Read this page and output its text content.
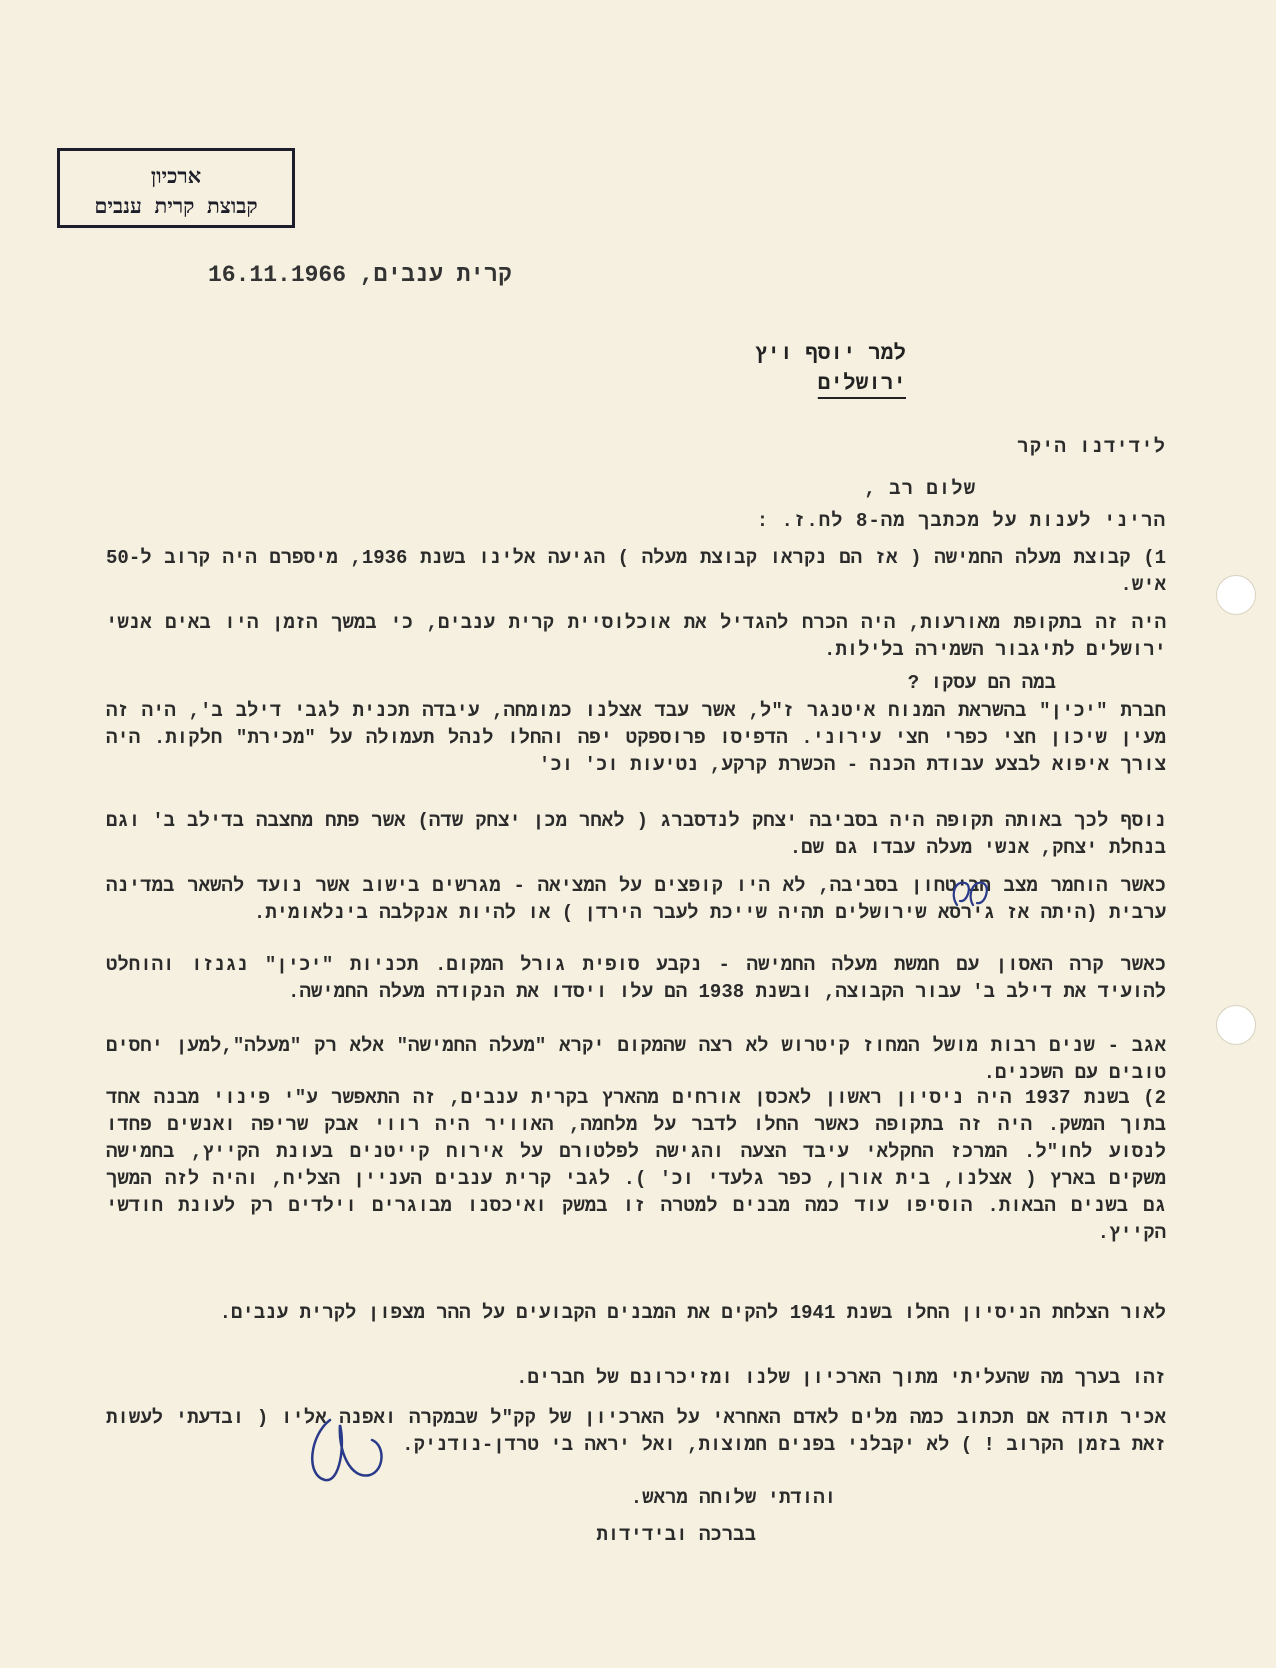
ארכיון
קבוצת קרית ענבים
קרית ענבים, 16.11.1966
למר יוסף ויץ
ירושלים
לידידנו היקר
שלום רב ,
הריני לענות על מכתבך מה-8 לח.ז. :
1) קבוצת מעלה החמישה ( אז הם נקראו קבוצת מעלה ) הגיעה אלינו בשנת 1936, מיספרם היה קרוב ל-50 איש.
היה זה בתקופת מאורעות, היה הכרח להגדיל את אוכלוסיית קרית ענבים, כי במשך הזמן היו באים אנשי ירושלים לתיגבור השמירה בלילות.
במה הם עסקו ?
חברת "יכין" בהשראת המנוח איטנגר ז"ל, אשר עבד אצלנו כמומחה, עיבדה תכנית לגבי דילב ב', היה זה מעין שיכון חצי כפרי חצי עירוני. הדפיסו פרוספקט יפה והחלו לנהל תעמולה על "מכירת" חלקות. היה צורך איפוא לבצע עבודת הכנה - הכשרת קרקע, נטיעות וכ' וכ'
נוסף לכך באותה תקופה היה בסביבה יצחק לנדסברג ( לאחר מכן יצחק שדה) אשר פתח מחצבה בדילב ב' וגם בנחלת יצחק, אנשי מעלה עבדו גם שם.
כאשר הוחמר מצב הביטחון בסביבה, לא היו קופצים על המציאה - מגרשים בישוב אשר נועד להשאר במדינה ערבית (היתה אז גירסא שירושלים תהיה שייכת לעבר הירדן ) או להיות אנקלבה בינלאומית.
כאשר קרה האסון עם חמשת מעלה החמישה - נקבע סופית גורל המקום. תכניות "יכין" נגנזו והוחלט להועיד את דילב ב' עבור הקבוצה, ובשנת 1938 הם עלו ויסדו את הנקודה מעלה החמישה.
אגב - שנים רבות מושל המחוז קיטרוש לא רצה שהמקום יקרא "מעלה החמישה" אלא רק "מעלה",למען יחסים טובים עם השכנים.
2) בשנת 1937 היה ניסיון ראשון לאכסן אורחים מהארץ בקרית ענבים, זה התאפשר ע"י פינוי מבנה אחד בתוך המשק. היה זה בתקופה כאשר החלו לדבר על מלחמה, האוויר היה רווי אבק שריפה ואנשים פחדו לנסוע לחו"ל. המרכז החקלאי עיבד הצעה והגישה לפלטורם על אירוח קייטנים בעונת הקייץ, בחמישה משקים בארץ ( אצלנו, בית אורן, כפר גלעדי וכ' ). לגבי קרית ענבים העניין הצליח, והיה לזה המשך גם בשנים הבאות. הוסיפו עוד כמה מבנים למטרה זו במשק ואיכסנו מבוגרים וילדים רק לעונת חודשי הקייץ.
לאור הצלחת הניסיון החלו בשנת 1941 להקים את המבנים הקבועים על ההר מצפון לקרית ענבים.
זהו בערך מה שהעליתי מתוך הארכיון שלנו ומזיכרונם של חברים.
אכיר תודה אם תכתוב כמה מלים לאדם האחראי על הארכיון של קק"ל שבמקרה ואפנה אליו ( ובדעתי לעשות זאת בזמן הקרוב ! ) לא יקבלני בפנים חמוצות, ואל יראה בי טרדן-נודניק.
והודתי שלוחה מראש.
בברכה ובידידות
